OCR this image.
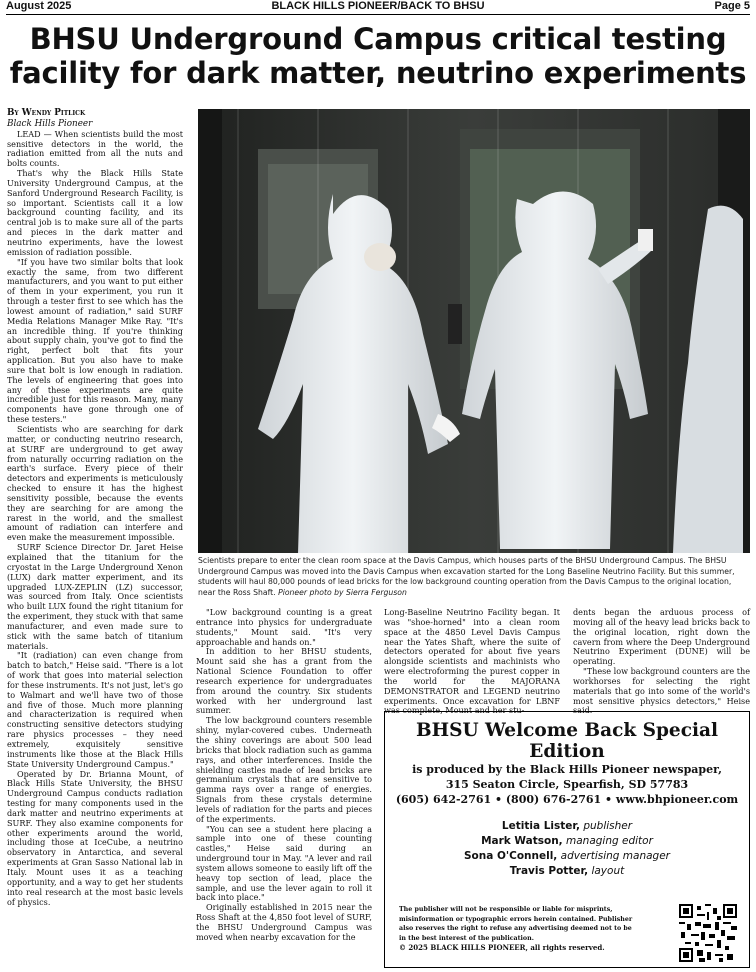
August 2025	BLACK HILLS PIONEER/BACK TO BHSU	Page 5
BHSU Underground Campus critical testing facility for dark matter, neutrino experiments
By Wendy Pitlick
Black Hills Pioneer

LEAD — When scientists build the most sensitive detectors in the world, the radiation emitted from all the nuts and bolts counts.

That's why the Black Hills State University Underground Campus, at the Sanford Underground Research Facility, is so important. Scientists call it a low background counting facility, and its central job is to make sure all of the parts and pieces in the dark matter and neutrino experiments, have the lowest emission of radiation possible.

"If you have two similar bolts that look exactly the same, from two different manufacturers, and you want to put either of them in your experiment, you run it through a tester first to see which has the lowest amount of radiation," said SURF Media Relations Manager Mike Ray. "It's an incredible thing. If you're thinking about supply chain, you've got to find the right, perfect bolt that fits your application. But you also have to make sure that bolt is low enough in radiation. The levels of engineering that goes into any of these experiments are quite incredible just for this reason. Many, many components have gone through one of these testers."

Scientists who are searching for dark matter, or conducting neutrino research, at SURF are underground to get away from naturally occurring radiation on the earth's surface. Every piece of their detectors and experiments is meticulously checked to ensure it has the highest sensitivity possible, because the events they are searching for are among the rarest in the world, and the smallest amount of radiation can interfere and even make the measurement impossible.

SURF Science Director Dr. Jaret Heise explained that the titanium for the cryostat in the Large Underground Xenon (LUX) dark matter experiment, and its upgraded LUX-ZEPLIN (LZ) successor, was sourced from Italy. Once scientists who built LUX found the right titanium for the experiment, they stuck with that same manufacturer, and even made sure to stick with the same batch of titanium materials.

"It (radiation) can even change from batch to batch," Heise said. "There is a lot of work that goes into material selection for these instruments. It's not just, let's go to Walmart and we'll have two of those and five of those. Much more planning and characterization is required when constructing sensitive detectors studying rare physics processes – they need extremely, exquisitely sensitive instruments like those at the Black Hills State University Underground Campus."

Operated by Dr. Brianna Mount, of Black Hills State University, the BHSU Underground Campus conducts radiation testing for many components used in the dark matter and neutrino experiments at SURF. They also examine components for other experiments around the world, including those at IceCube, a neutrino observatory in Antarctica, and several experiments at Gran Sasso National lab in Italy. Mount uses it as a teaching opportunity, and a way to get her students into real research at the most basic levels of physics.

Scientists prepare to enter the clean room space at the Davis Campus, which houses parts of the BHSU Underground Campus. The BHSU Underground Campus was moved into the Davis Campus when excavation started for the Long Baseline Neutrino Facility. But this summer, students will haul 80,000 pounds of lead bricks for the low background counting operation from the Davis Campus to the original location, near the Ross Shaft. Pioneer photo by Sierra Ferguson

"Low background counting is a great entrance into physics for undergraduate students," Mount said. "It's very approachable and hands on."

In addition to her BHSU students, Mount said she has a grant from the National Science Foundation to offer research experience for undergraduates from around the country. Six students worked with her underground last summer.

The low background counters resemble shiny, mylar-covered cubes. Underneath the shiny coverings are about 500 lead bricks that block radiation such as gamma rays, and other interferences. Inside the shielding castles made of lead bricks are germanium crystals that are sensitive to gamma rays over a range of energies. Signals from these crystals determine levels of radiation for the parts and pieces of the experiments.

"You can see a student here placing a sample into one of these counting castles," Heise said during an underground tour in May. "A lever and rail system allows someone to easily lift off the heavy top section of lead, place the sample, and use the lever again to roll it back into place."

Originally established in 2015 near the Ross Shaft at the 4,850 foot level of SURF, the BHSU Underground Campus was moved when nearby excavation for the

Long-Baseline Neutrino Facility began. It was "shoe-horned" into a clean room space at the 4850 Level Davis Campus near the Yates Shaft, where the suite of detectors operated for about five years alongside scientists and machinists who were electroforming the purest copper in the world for the MAJORANA DEMONSTRATOR and LEGEND neutrino experiments. Once excavation for LBNF was complete, Mount and her stu-

dents began the arduous process of moving all of the heavy lead bricks back to the original location, right down the cavern from where the Deep Underground Neutrino Experiment (DUNE) will be operating.

"These low background counters are the workhorses for selecting the right materials that go into some of the world's most sensitive physics detectors," Heise said.

BHSU Welcome Back Special Edition
is produced by the Black Hills Pioneer newspaper,
315 Seaton Circle, Spearfish, SD 57783
(605) 642-2761 • (800) 676-2761 • www.bhpioneer.com
Letitia Lister, publisher
Mark Watson, managing editor
Sona O'Connell, advertising manager
Travis Potter, layout
The publisher will not be responsible or liable for misprints, misinformation or typographic errors herein contained. Publisher also reserves the right to refuse any advertising deemed not to be in the best interest of the publication.
© 2025 BLACK HILLS PIONEER, all rights reserved.
